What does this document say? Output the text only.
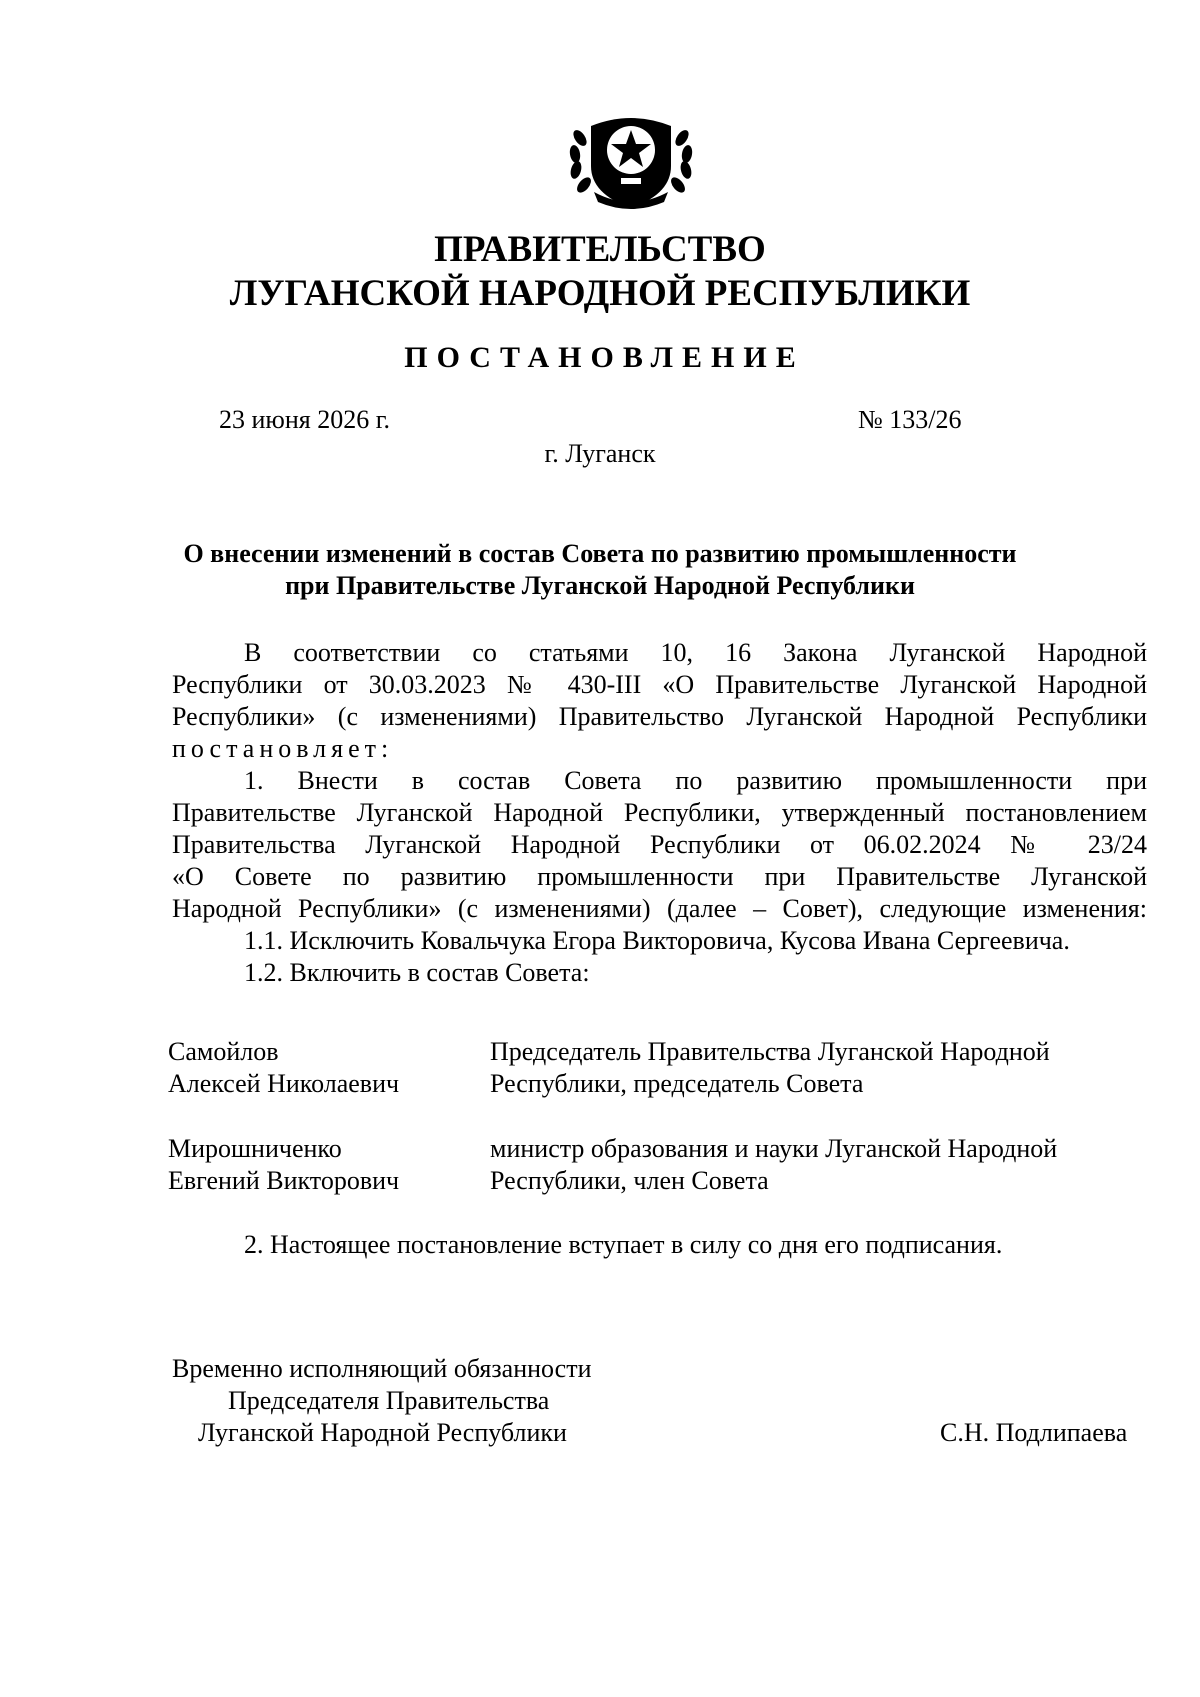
ПРАВИТЕЛЬСТВО
ЛУГАНСКОЙ НАРОДНОЙ РЕСПУБЛИКИ
ПОСТАНОВЛЕНИЕ
23 июня 2026 г.	№ 133/26
г. Луганск
О внесении изменений в состав Совета по развитию промышленности
при Правительстве Луганской Народной Республики
В соответствии со статьями 10, 16 Закона Луганской Народной
Республики от 30.03.2023 № 430-III «О Правительстве Луганской Народной
Республики» (с изменениями) Правительство Луганской Народной Республики
постановляет:
1. Внести в состав Совета по развитию промышленности при
Правительстве Луганской Народной Республики, утвержденный постановлением
Правительства Луганской Народной Республики от 06.02.2024 № 23/24
«О Совете по развитию промышленности при Правительстве Луганской
Народной Республики» (с изменениями) (далее – Совет), следующие изменения:
1.1. Исключить Ковальчука Егора Викторовича, Кусова Ивана Сергеевича.
1.2. Включить в состав Совета:
Самойлов
Алексей Николаевич
Председатель Правительства Луганской Народной
Республики, председатель Совета
Мирошниченко
Евгений Викторович
министр образования и науки Луганской Народной
Республики, член Совета
2. Настоящее постановление вступает в силу со дня его подписания.
Временно исполняющий обязанности
Председателя Правительства
Луганской Народной Республики	С.Н. Подлипаева
